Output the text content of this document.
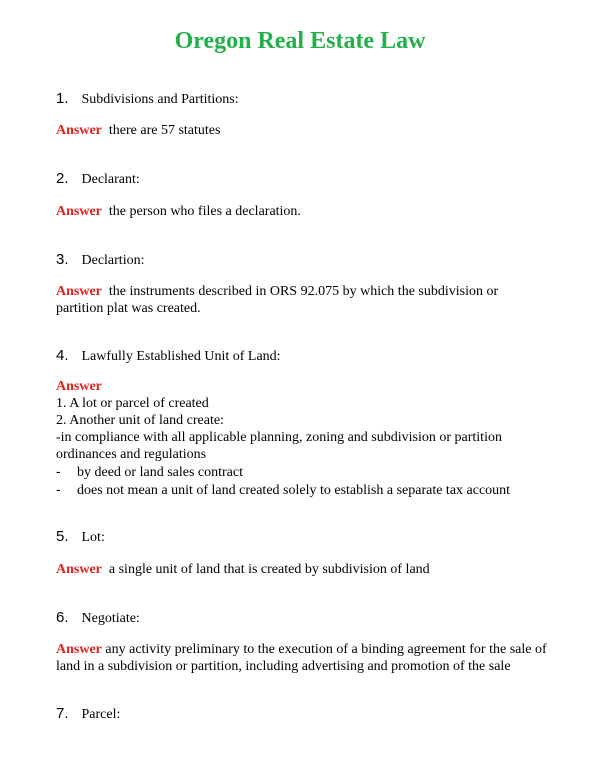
Oregon Real Estate Law
1. Subdivisions and Partitions:
Answer there are 57 statutes
2. Declarant:
Answer the person who files a declaration.
3. Declartion:
Answer the instruments described in ORS 92.075 by which the subdivision or partition plat was created.
4. Lawfully Established Unit of Land:
Answer
1. A lot or parcel of created
2. Another unit of land create:
-in compliance with all applicable planning, zoning and subdivision or partition ordinances and regulations
- by deed or land sales contract
- does not mean a unit of land created solely to establish a separate tax account
5. Lot:
Answer a single unit of land that is created by subdivision of land
6. Negotiate:
Answer any activity preliminary to the execution of a binding agreement for the sale of land in a subdivision or partition, including advertising and promotion of the sale
7. Parcel:
